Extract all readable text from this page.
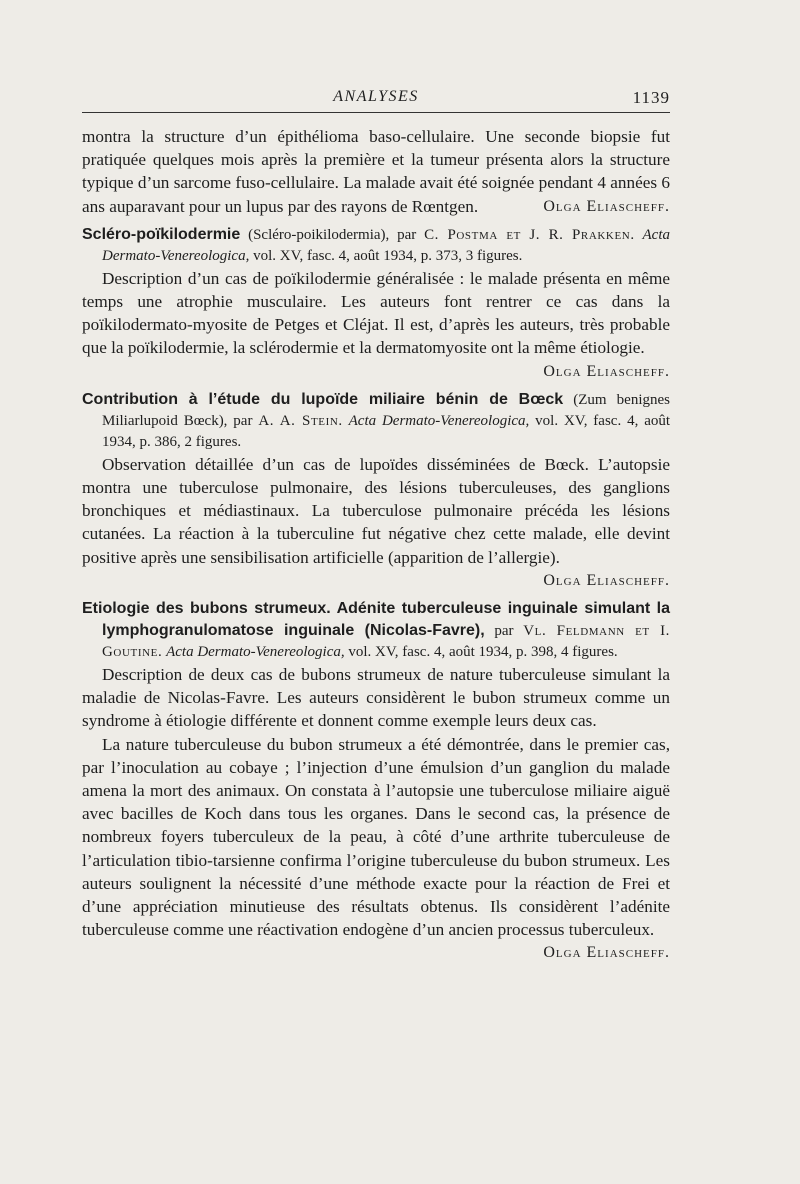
ANALYSES	1139

montra la structure d’un épithélioma baso-cellulaire. Une seconde biopsie fut pratiquée quelques mois après la première et la tumeur présenta alors la structure typique d’un sarcome fuso-cellulaire. La malade avait été soignée pendant 4 années 6 ans auparavant pour un lupus par des rayons de Rœntgen.	Olga Eliascheff.

Scléro-poïkilodermie (Scléro-poikilodermia), par C. Postma et J. R. Prakken. Acta Dermato-Venereologica, vol. XV, fasc. 4, août 1934, p. 373, 3 figures.

Description d’un cas de poïkilodermie généralisée : le malade présenta en même temps une atrophie musculaire. Les auteurs font rentrer ce cas dans la poïkilodermato-myosite de Petges et Cléjat. Il est, d’après les auteurs, très probable que la poïkilodermie, la sclérodermie et la dermatomyosite ont la même étiologie.
Olga Eliascheff.

Contribution à l’étude du lupoïde miliaire bénin de Bœck (Zum benignes Miliarlupoid Bœck), par A. A. Stein. Acta Dermato-Venereologica, vol. XV, fasc. 4, août 1934, p. 386, 2 figures.

Observation détaillée d’un cas de lupoïdes disséminées de Bœck. L’autopsie montra une tuberculose pulmonaire, des lésions tuberculeuses, des ganglions bronchiques et médiastinaux. La tuberculose pulmonaire précéda les lésions cutanées. La réaction à la tuberculine fut négative chez cette malade, elle devint positive après une sensibilisation artificielle (apparition de l’allergie).
Olga Eliascheff.

Etiologie des bubons strumeux. Adénite tuberculeuse inguinale simulant la lymphogranulomatose inguinale (Nicolas-Favre), par Vl. Feldmann et I. Goutine. Acta Dermato-Venereologica, vol. XV, fasc. 4, août 1934, p. 398, 4 figures.

Description de deux cas de bubons strumeux de nature tuberculeuse simulant la maladie de Nicolas-Favre. Les auteurs considèrent le bubon strumeux comme un syndrome à étiologie différente et donnent comme exemple leurs deux cas.

La nature tuberculeuse du bubon strumeux a été démontrée, dans le premier cas, par l’inoculation au cobaye ; l’injection d’une émulsion d’un ganglion du malade amena la mort des animaux. On constata à l’autopsie une tuberculose miliaire aiguë avec bacilles de Koch dans tous les organes. Dans le second cas, la présence de nombreux foyers tuberculeux de la peau, à côté d’une arthrite tuberculeuse de l’articulation tibio-tarsienne confirma l’origine tuberculeuse du bubon strumeux. Les auteurs soulignent la nécessité d’une méthode exacte pour la réaction de Frei et d’une appréciation minutieuse des résultats obtenus. Ils considèrent l’adénite tuberculeuse comme une réactivation endogène d’un ancien processus tuberculeux.
Olga Eliascheff.
